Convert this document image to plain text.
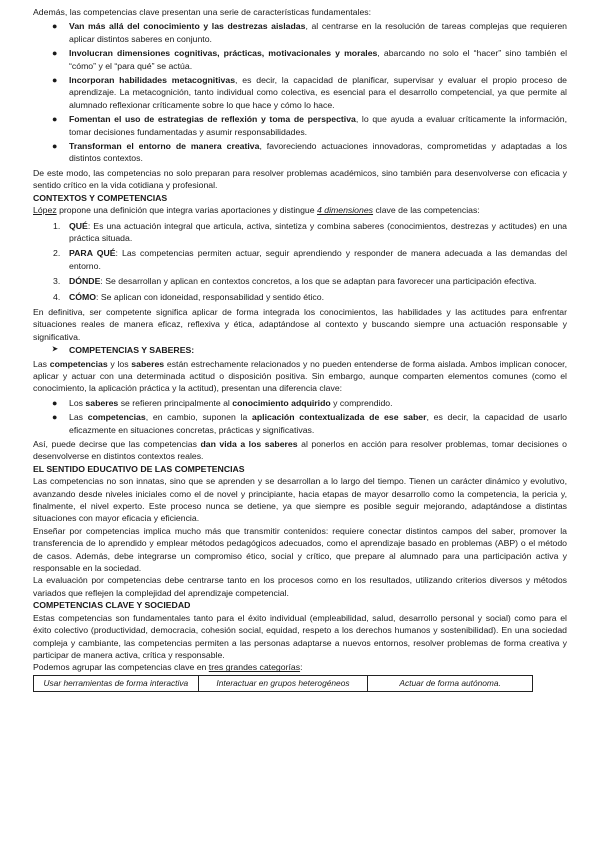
Además, las competencias clave presentan una serie de características fundamentales:

● Van más allá del conocimiento y las destrezas aisladas, al centrarse en la resolución de tareas complejas que requieren aplicar distintos saberes en conjunto.
● Involucran dimensiones cognitivas, prácticas, motivacionales y morales, abarcando no solo el “hacer” sino también el “cómo” y el “para qué” se actúa.
● Incorporan habilidades metacognitivas, es decir, la capacidad de planificar, supervisar y evaluar el propio proceso de aprendizaje. La metacognición, tanto individual como colectiva, es esencial para el desarrollo competencial, ya que permite al alumnado reflexionar críticamente sobre lo que hace y cómo lo hace.
● Fomentan el uso de estrategias de reflexión y toma de perspectiva, lo que ayuda a evaluar críticamente la información, tomar decisiones fundamentadas y asumir responsabilidades.
● Transforman el entorno de manera creativa, favoreciendo actuaciones innovadoras, comprometidas y adaptadas a los distintos contextos.

De este modo, las competencias no solo preparan para resolver problemas académicos, sino también para desenvolverse con eficacia y sentido crítico en la vida cotidiana y profesional.

CONTEXTOS Y COMPETENCIAS

López propone una definición que integra varias aportaciones y distingue 4 dimensiones clave de las competencias:

1. QUÉ: Es una actuación integral que articula, activa, sintetiza y combina saberes (conocimientos, destrezas y actitudes) en una práctica situada.
2. PARA QUÉ: Las competencias permiten actuar, seguir aprendiendo y responder de manera adecuada a las demandas del entorno.
3. DÓNDE: Se desarrollan y aplican en contextos concretos, a los que se adaptan para favorecer una participación efectiva.
4. CÓMO: Se aplican con idoneidad, responsabilidad y sentido ético.

En definitiva, ser competente significa aplicar de forma integrada los conocimientos, las habilidades y las actitudes para enfrentar situaciones reales de manera eficaz, reflexiva y ética, adaptándose al contexto y buscando siempre una actuación responsable y significativa.

➤ COMPETENCIAS Y SABERES:

Las competencias y los saberes están estrechamente relacionados y no pueden entenderse de forma aislada. Ambos implican conocer, aplicar y actuar con una determinada actitud o disposición positiva. Sin embargo, aunque comparten elementos comunes (como el conocimiento, la aplicación práctica y la actitud), presentan una diferencia clave:

● Los saberes se refieren principalmente al conocimiento adquirido y comprendido.
● Las competencias, en cambio, suponen la aplicación contextualizada de ese saber, es decir, la capacidad de usarlo eficazmente en situaciones concretas, prácticas y significativas.

Así, puede decirse que las competencias dan vida a los saberes al ponerlos en acción para resolver problemas, tomar decisiones o desenvolverse en distintos contextos reales.

EL SENTIDO EDUCATIVO DE LAS COMPETENCIAS

Las competencias no son innatas, sino que se aprenden y se desarrollan a lo largo del tiempo. Tienen un carácter dinámico y evolutivo, avanzando desde niveles iniciales como el de novel y principiante, hacia etapas de mayor desarrollo como la competencia, la pericia y, finalmente, el nivel experto. Este proceso nunca se detiene, ya que siempre es posible seguir mejorando, adaptándose a distintas situaciones con mayor eficacia y eficiencia.

Enseñar por competencias implica mucho más que transmitir contenidos: requiere conectar distintos campos del saber, promover la transferencia de lo aprendido y emplear métodos pedagógicos adecuados, como el aprendizaje basado en problemas (ABP) o el método de casos. Además, debe integrarse un compromiso ético, social y crítico, que prepare al alumnado para una participación activa y responsable en la sociedad.

La evaluación por competencias debe centrarse tanto en los procesos como en los resultados, utilizando criterios diversos y métodos variados que reflejen la complejidad del aprendizaje competencial.

COMPETENCIAS CLAVE Y SOCIEDAD

Estas competencias son fundamentales tanto para el éxito individual (empleabilidad, salud, desarrollo personal y social) como para el éxito colectivo (productividad, democracia, cohesión social, equidad, respeto a los derechos humanos y sostenibilidad). En una sociedad compleja y cambiante, las competencias permiten a las personas adaptarse a nuevos entornos, resolver problemas de forma creativa y participar de manera activa, crítica y responsable.

Podemos agrupar las competencias clave en tres grandes categorías:

Usar herramientas de forma interactiva	Interactuar en grupos heterogéneos	Actuar de forma autónoma.
